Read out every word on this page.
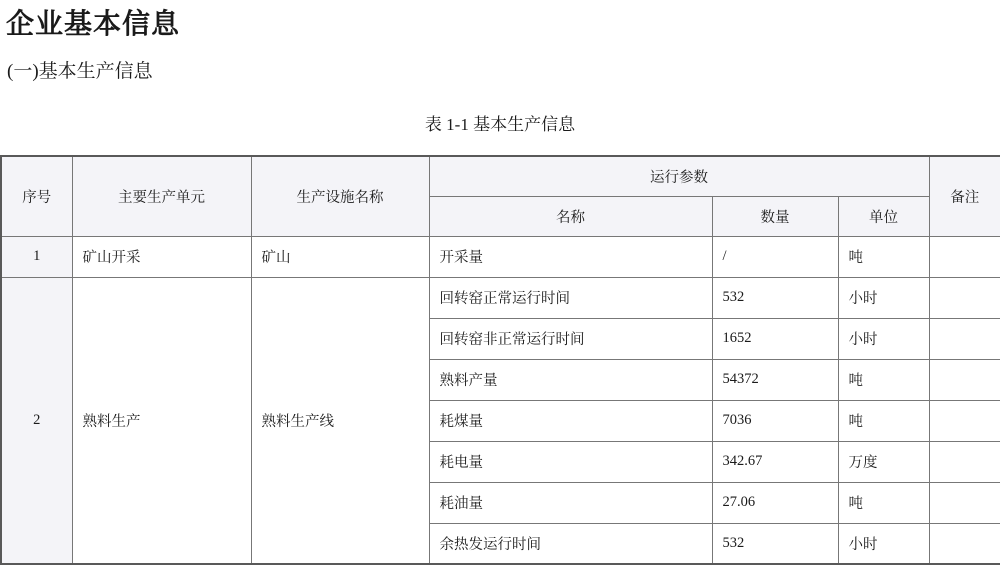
企业基本信息
(一)基本生产信息
表 1-1 基本生产信息
序号	主要生产单元	生产设施名称	运行参数			备注
			名称	数量	单位	
1	矿山开采	矿山	开采量	/	吨	
2	熟料生产	熟料生产线	回转窑正常运行时间	532	小时	
			回转窑非正常运行时间	1652	小时	
			熟料产量	54372	吨	
			耗煤量	7036	吨	
			耗电量	342.67	万度	
			耗油量	27.06	吨	
			余热发运行时间	532	小时	
